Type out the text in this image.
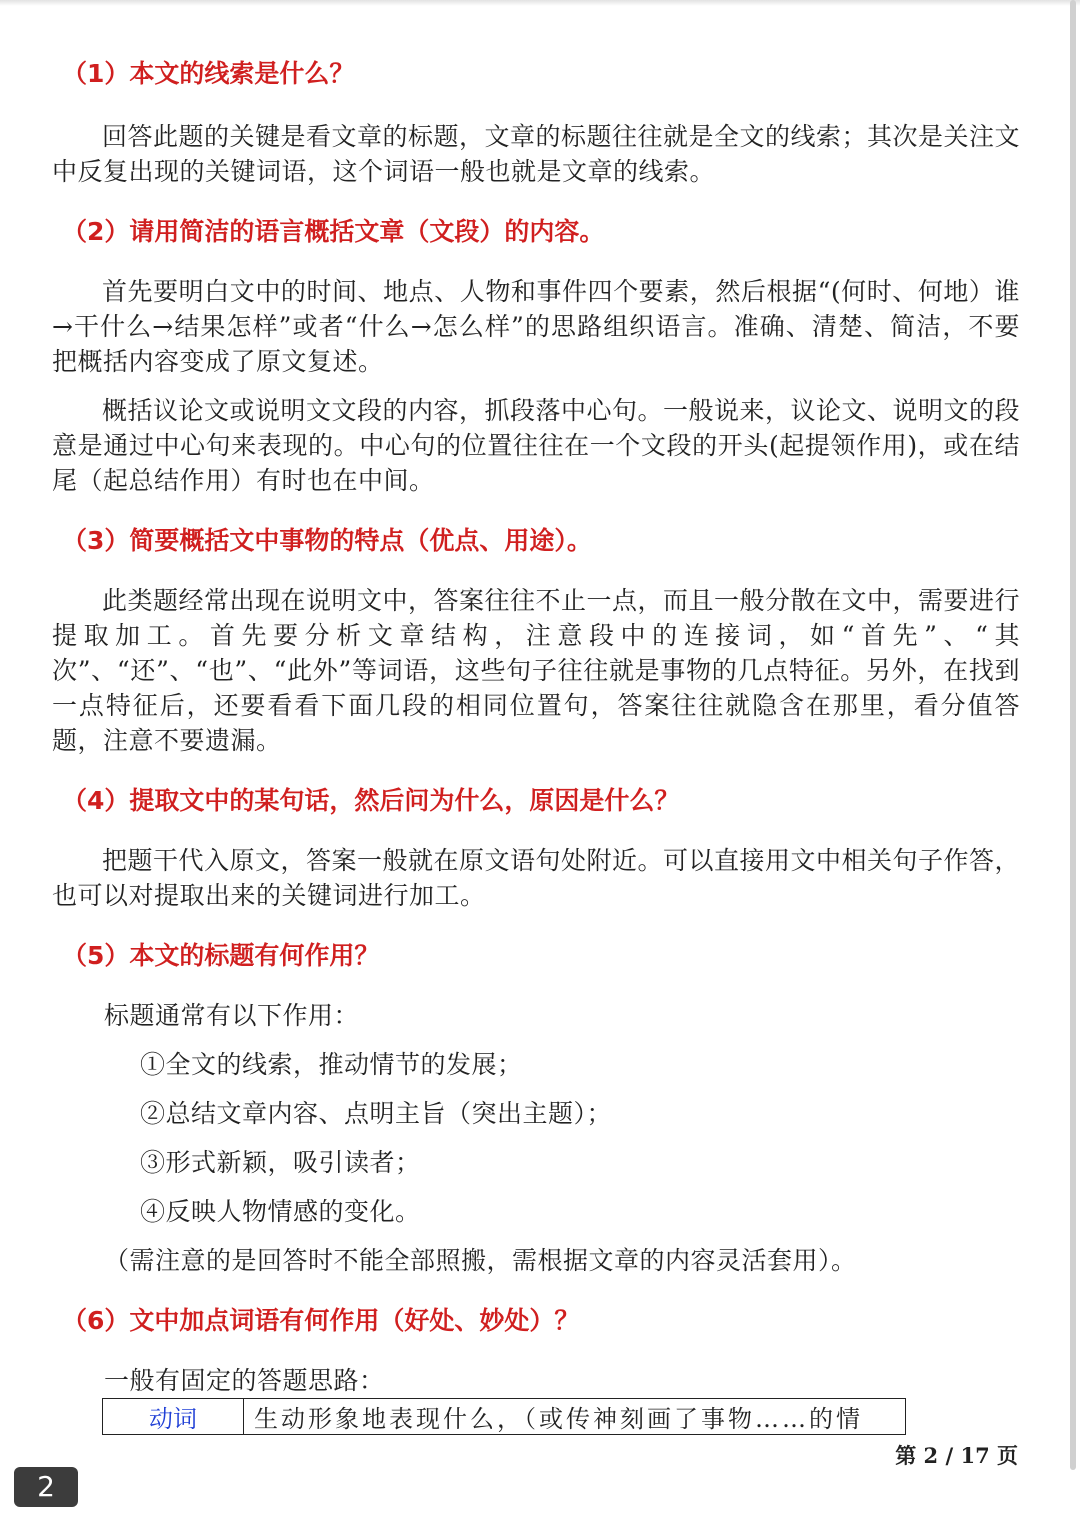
（1）本文的线索是什么？
回答此题的关键是看文章的标题，文章的标题往往就是全文的线索；其次是关注文中反复出现的关键词语，这个词语一般也就是文章的线索。
（2）请用简洁的语言概括文章（文段）的内容。
首先要明白文中的时间、地点、人物和事件四个要素，然后根据“(何时、何地）谁→干什么→结果怎样”或者“什么→怎么样”的思路组织语言。准确、清楚、简洁，不要把概括内容变成了原文复述。
概括议论文或说明文文段的内容，抓段落中心句。一般说来，议论文、说明文的段意是通过中心句来表现的。中心句的位置往往在一个文段的开头(起提领作用)，或在结尾（起总结作用）有时也在中间。
（3）简要概括文中事物的特点（优点、用途）。
此类题经常出现在说明文中，答案往往不止一点，而且一般分散在文中，需要进行提取加工。首先要分析文章结构，注意段中的连接词，如“首先”、“其次”、“还”、“也”、“此外”等词语，这些句子往往就是事物的几点特征。另外，在找到一点特征后，还要看看下面几段的相同位置句，答案往往就隐含在那里，看分值答题，注意不要遗漏。
（4）提取文中的某句话，然后问为什么，原因是什么？
把题干代入原文，答案一般就在原文语句处附近。可以直接用文中相关句子作答，也可以对提取出来的关键词进行加工。
（5）本文的标题有何作用？
标题通常有以下作用：
①全文的线索，推动情节的发展；
②总结文章内容、点明主旨（突出主题）；
③形式新颖，吸引读者；
④反映人物情感的变化。
（需注意的是回答时不能全部照搬，需根据文章的内容灵活套用）。
（6）文中加点词语有何作用（好处、妙处）？
一般有固定的答题思路：
动词	生动形象地表现什么，（或传神刻画了事物……的情
第 2 / 17 页
2
